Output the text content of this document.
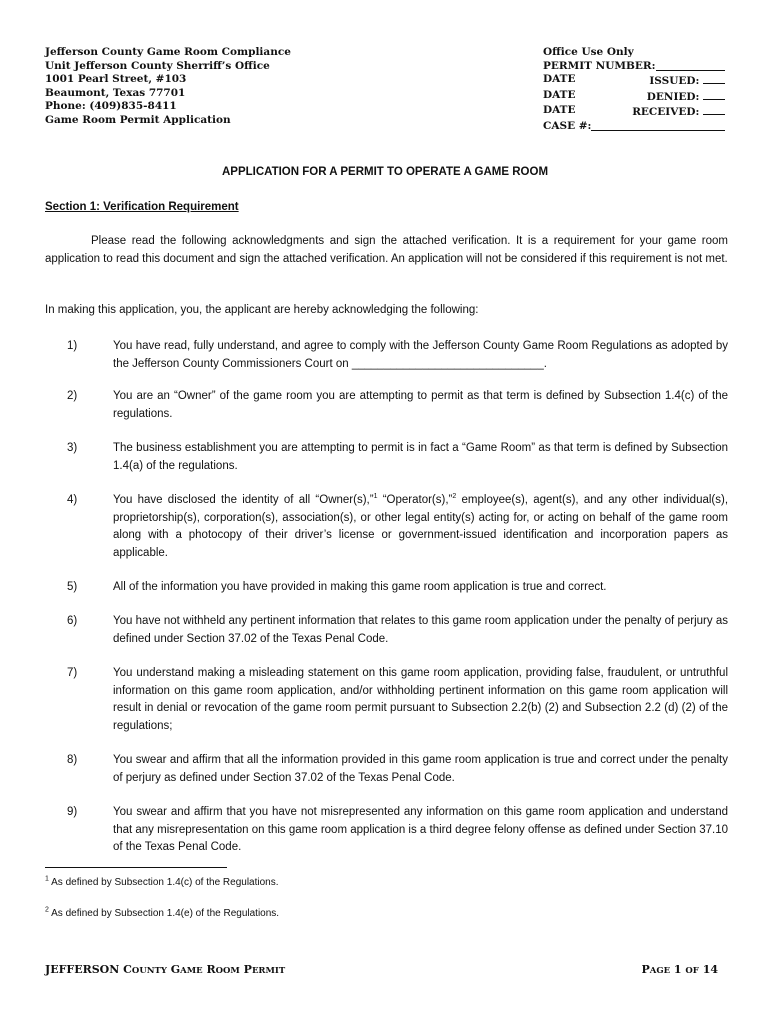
Jefferson County Game Room Compliance
Unit Jefferson County Sherriff’s Office
1001 Pearl Street, #103
Beaumont, Texas 77701
Phone: (409)835-8411
Game Room Permit Application
Office Use Only
PERMIT NUMBER:
DATE	ISSUED:
DATE	DENIED:
DATE	RECEIVED:
CASE #:
APPLICATION FOR A PERMIT TO OPERATE A GAME ROOM
Section 1: Verification Requirement
Please read the following acknowledgments and sign the attached verification. It is a requirement for your game room application to read this document and sign the attached verification. An application will not be considered if this requirement is not met.
In making this application, you, the applicant are hereby acknowledging the following:
1)	You have read, fully understand, and agree to comply with the Jefferson County Game Room Regulations as adopted by the Jefferson County Commissioners Court on ______________________________.
2)	You are an “Owner” of the game room you are attempting to permit as that term is defined by Subsection 1.4(c) of the regulations.
3)	The business establishment you are attempting to permit is in fact a “Game Room” as that term is defined by Subsection 1.4(a) of the regulations.
4)	You have disclosed the identity of all “Owner(s),”$^1$ “Operator(s),”$^2$ employee(s), agent(s), and any other individual(s), proprietorship(s), corporation(s), association(s), or other legal entity(s) acting for, or acting on behalf of the game room along with a photocopy of their driver’s license or government-issued identification and incorporation papers as applicable.
5)	All of the information you have provided in making this game room application is true and correct.
6)	You have not withheld any pertinent information that relates to this game room application under the penalty of perjury as defined under Section 37.02 of the Texas Penal Code.
7)	You understand making a misleading statement on this game room application, providing false, fraudulent, or untruthful information on this game room application, and/or withholding pertinent information on this game room application will result in denial or revocation of the game room permit pursuant to Subsection 2.2(b) (2) and Subsection 2.2 (d) (2) of the regulations;
8)	You swear and affirm that all the information provided in this game room application is true and correct under the penalty of perjury as defined under Section 37.02 of the Texas Penal Code.
9)	You swear and affirm that you have not misrepresented any information on this game room application and understand that any misrepresentation on this game room application is a third degree felony offense as defined under Section 37.10 of the Texas Penal Code.
$^1$ As defined by Subsection 1.4(c) of the Regulations.
$^2$ As defined by Subsection 1.4(e) of the Regulations.
JEFFERSON COUNTY GAME ROOM PERMIT	PAGE 1 OF 14
